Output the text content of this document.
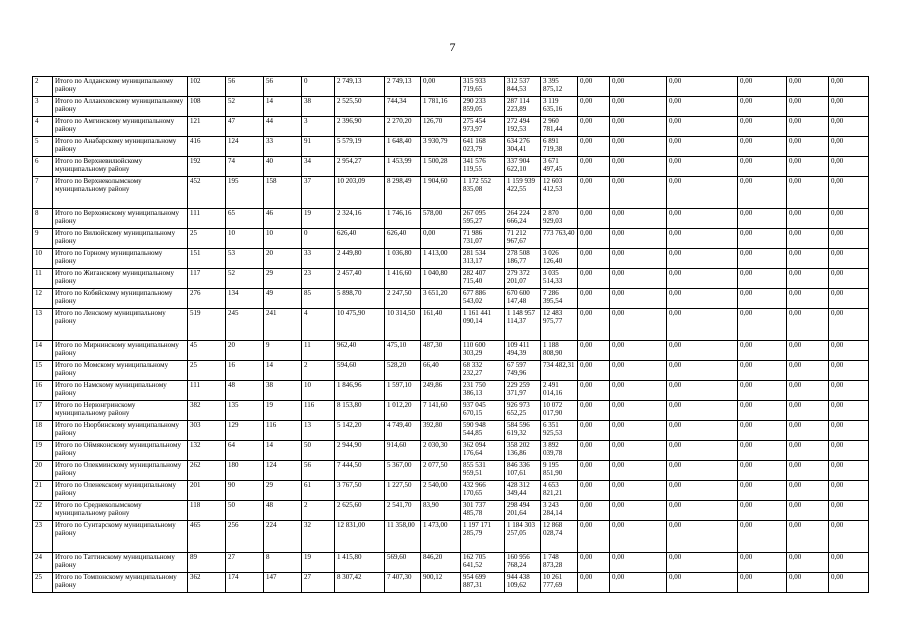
7
2	Итого по Алданскому муниципальному району	102	56	56	0	2 749,13	2 749,13	0,00	315 933 719,65	312 537 844,53	3 395 875,12	0,00	0,00	0,00	0,00	0,00	0,00
3	Итого по Аллаиховскому муниципальному району	108	52	14	38	2 525,50	744,34	1 781,16	290 233 859,05	287 114 223,89	3 119 635,16	0,00	0,00	0,00	0,00	0,00	0,00
4	Итого по Амгинскому муниципальному району	121	47	44	3	2 396,90	2 270,20	126,70	275 454 973,97	272 494 192,53	2 960 781,44	0,00	0,00	0,00	0,00	0,00	0,00
5	Итого по Анабарскому муниципальному району	416	124	33	91	5 579,19	1 648,40	3 930,79	641 168 023,79	634 276 304,41	6 891 719,38	0,00	0,00	0,00	0,00	0,00	0,00
6	Итого по Верхневилюйскому муниципальному району	192	74	40	34	2 954,27	1 453,99	1 500,28	341 576 119,55	337 904 622,10	3 671 497,45	0,00	0,00	0,00	0,00	0,00	0,00
7	Итого по Верхнеколымскому муниципальному району	452	195	158	37	10 203,09	8 298,49	1 904,60	1 172 552 835,08	1 159 939 422,55	12 603 412,53	0,00	0,00	0,00	0,00	0,00	0,00
8	Итого по Верхоянскому муниципальному району	111	65	46	19	2 324,16	1 746,16	578,00	267 095 595,27	264 224 666,24	2 870 929,03	0,00	0,00	0,00	0,00	0,00	0,00
9	Итого по Вилюйскому муниципальному району	25	10	10	0	626,40	626,40	0,00	71 986 731,07	71 212 967,67	773 763,40	0,00	0,00	0,00	0,00	0,00	0,00
10	Итого по Горному муниципальному району	151	53	20	33	2 449,80	1 036,80	1 413,00	281 534 313,17	278 508 186,77	3 026 126,40	0,00	0,00	0,00	0,00	0,00	0,00
11	Итого по Жиганскому муниципальному району	117	52	29	23	2 457,40	1 416,60	1 040,80	282 407 715,40	279 372 201,07	3 035 514,33	0,00	0,00	0,00	0,00	0,00	0,00
12	Итого по Кобяйскому муниципальному району	276	134	49	85	5 898,70	2 247,50	3 651,20	677 886 543,02	670 600 147,48	7 286 395,54	0,00	0,00	0,00	0,00	0,00	0,00
13	Итого по Ленскому муниципальному району	519	245	241	4	10 475,90	10 314,50	161,40	1 161 441 090,14	1 148 957 114,37	12 483 975,77	0,00	0,00	0,00	0,00	0,00	0,00
14	Итого по Мирнинскому муниципальному району	45	20	9	11	962,40	475,10	487,30	110 600 303,29	109 411 494,39	1 188 808,90	0,00	0,00	0,00	0,00	0,00	0,00
15	Итого по Момскому муниципальному району	25	16	14	2	594,60	528,20	66,40	68 332 232,27	67 597 749,96	734 482,31	0,00	0,00	0,00	0,00	0,00	0,00
16	Итого по Намскому муниципальному району	111	48	38	10	1 846,96	1 597,10	249,86	231 750 386,13	229 259 371,97	2 491 014,16	0,00	0,00	0,00	0,00	0,00	0,00
17	Итого по Нерюнгринскому муниципальному району	382	135	19	116	8 153,80	1 012,20	7 141,60	937 045 670,15	926 973 652,25	10 072 017,90	0,00	0,00	0,00	0,00	0,00	0,00
18	Итого по Нюрбинскому муниципальному району	303	129	116	13	5 142,20	4 749,40	392,80	590 948 544,85	584 596 619,32	6 351 925,53	0,00	0,00	0,00	0,00	0,00	0,00
19	Итого по Оймяконскому муниципальному району	132	64	14	50	2 944,90	914,60	2 030,30	362 094 176,64	358 202 136,86	3 892 039,78	0,00	0,00	0,00	0,00	0,00	0,00
20	Итого по Олекминскому муниципальному району	262	180	124	56	7 444,50	5 367,00	2 077,50	855 531 959,51	846 336 107,61	9 195 851,90	0,00	0,00	0,00	0,00	0,00	0,00
21	Итого по Оленекскому муниципальному району	201	90	29	61	3 767,50	1 227,50	2 540,00	432 966 170,65	428 312 349,44	4 653 821,21	0,00	0,00	0,00	0,00	0,00	0,00
22	Итого по Среднеколымскому муниципальному району	118	50	48	2	2 625,60	2 541,70	83,90	301 737 485,78	298 494 201,64	3 243 284,14	0,00	0,00	0,00	0,00	0,00	0,00
23	Итого по Сунтарскому муниципальному району	465	256	224	32	12 831,00	11 358,00	1 473,00	1 197 171 285,79	1 184 303 257,05	12 868 028,74	0,00	0,00	0,00	0,00	0,00	0,00
24	Итого по Таттинскому муниципальному району	89	27	8	19	1 415,80	569,60	846,20	162 705 641,52	160 956 768,24	1 748 873,28	0,00	0,00	0,00	0,00	0,00	0,00
25	Итого по Томпонскому муниципальному району	362	174	147	27	8 307,42	7 407,30	900,12	954 699 887,31	944 438 109,62	10 261 777,69	0,00	0,00	0,00	0,00	0,00	0,00
